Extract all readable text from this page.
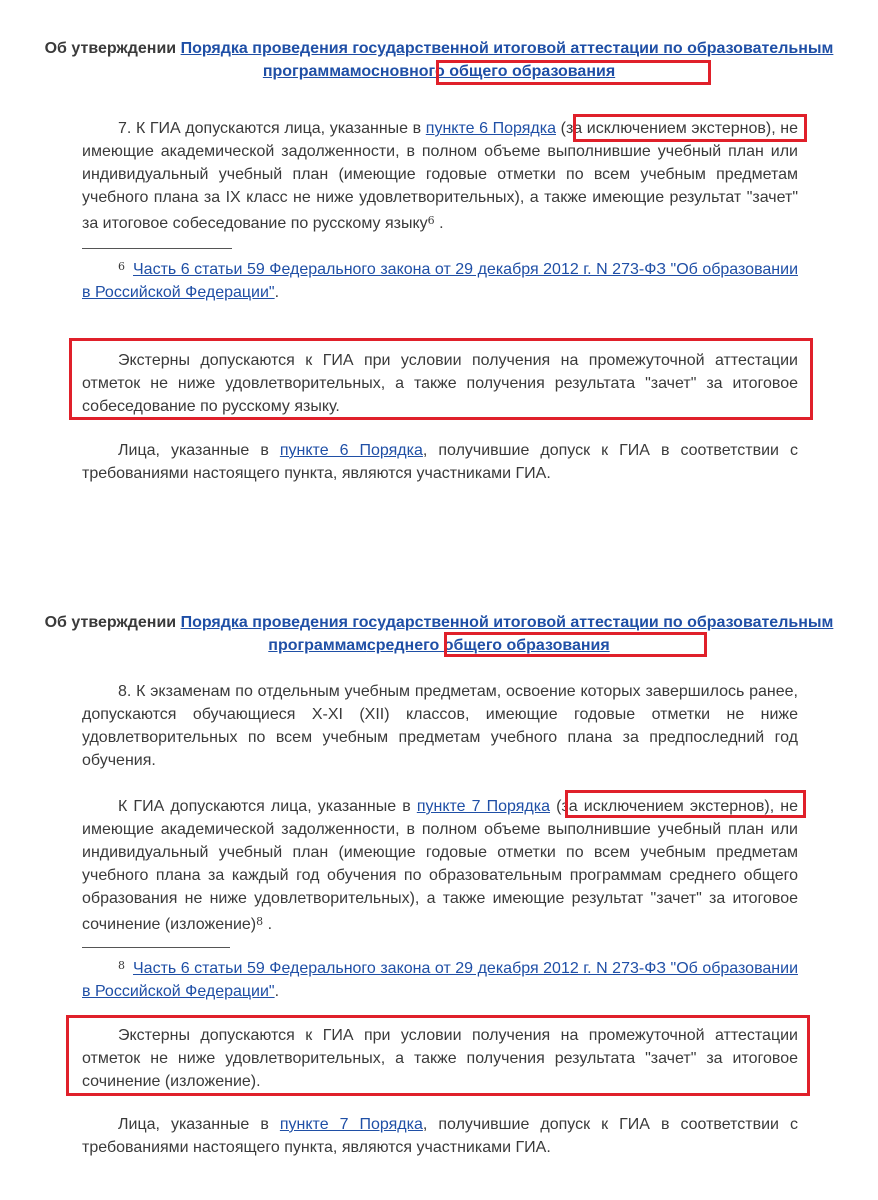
Об утверждении Порядка проведения государственной итоговой аттестации по образовательным программамосновного общего образования
7. К ГИА допускаются лица, указанные в пункте 6 Порядка (за исключением экстернов), не имеющие академической задолженности, в полном объеме выполнившие учебный план или индивидуальный учебный план (имеющие годовые отметки по всем учебным предметам учебного плана за IX класс не ниже удовлетворительных), а также имеющие результат "зачет" за итоговое собеседование по русскому языку$^6$ .
$^6$ Часть 6 статьи 59 Федерального закона от 29 декабря 2012 г. N 273-ФЗ "Об образовании в Российской Федерации".
Экстерны допускаются к ГИА при условии получения на промежуточной аттестации отметок не ниже удовлетворительных, а также получения результата "зачет" за итоговое собеседование по русскому языку.
Лица, указанные в пункте 6 Порядка, получившие допуск к ГИА в соответствии с требованиями настоящего пункта, являются участниками ГИА.
Об утверждении Порядка проведения государственной итоговой аттестации по образовательным программамсреднего общего образования
8. К экзаменам по отдельным учебным предметам, освоение которых завершилось ранее, допускаются обучающиеся X-XI (XII) классов, имеющие годовые отметки не ниже удовлетворительных по всем учебным предметам учебного плана за предпоследний год обучения.
К ГИА допускаются лица, указанные в пункте 7 Порядка (за исключением экстернов), не имеющие академической задолженности, в полном объеме выполнившие учебный план или индивидуальный учебный план (имеющие годовые отметки по всем учебным предметам учебного плана за каждый год обучения по образовательным программам среднего общего образования не ниже удовлетворительных), а также имеющие результат "зачет" за итоговое сочинение (изложение)$^8$ .
$^8$ Часть 6 статьи 59 Федерального закона от 29 декабря 2012 г. N 273-ФЗ "Об образовании в Российской Федерации".
Экстерны допускаются к ГИА при условии получения на промежуточной аттестации отметок не ниже удовлетворительных, а также получения результата "зачет" за итоговое сочинение (изложение).
Лица, указанные в пункте 7 Порядка, получившие допуск к ГИА в соответствии с требованиями настоящего пункта, являются участниками ГИА.
